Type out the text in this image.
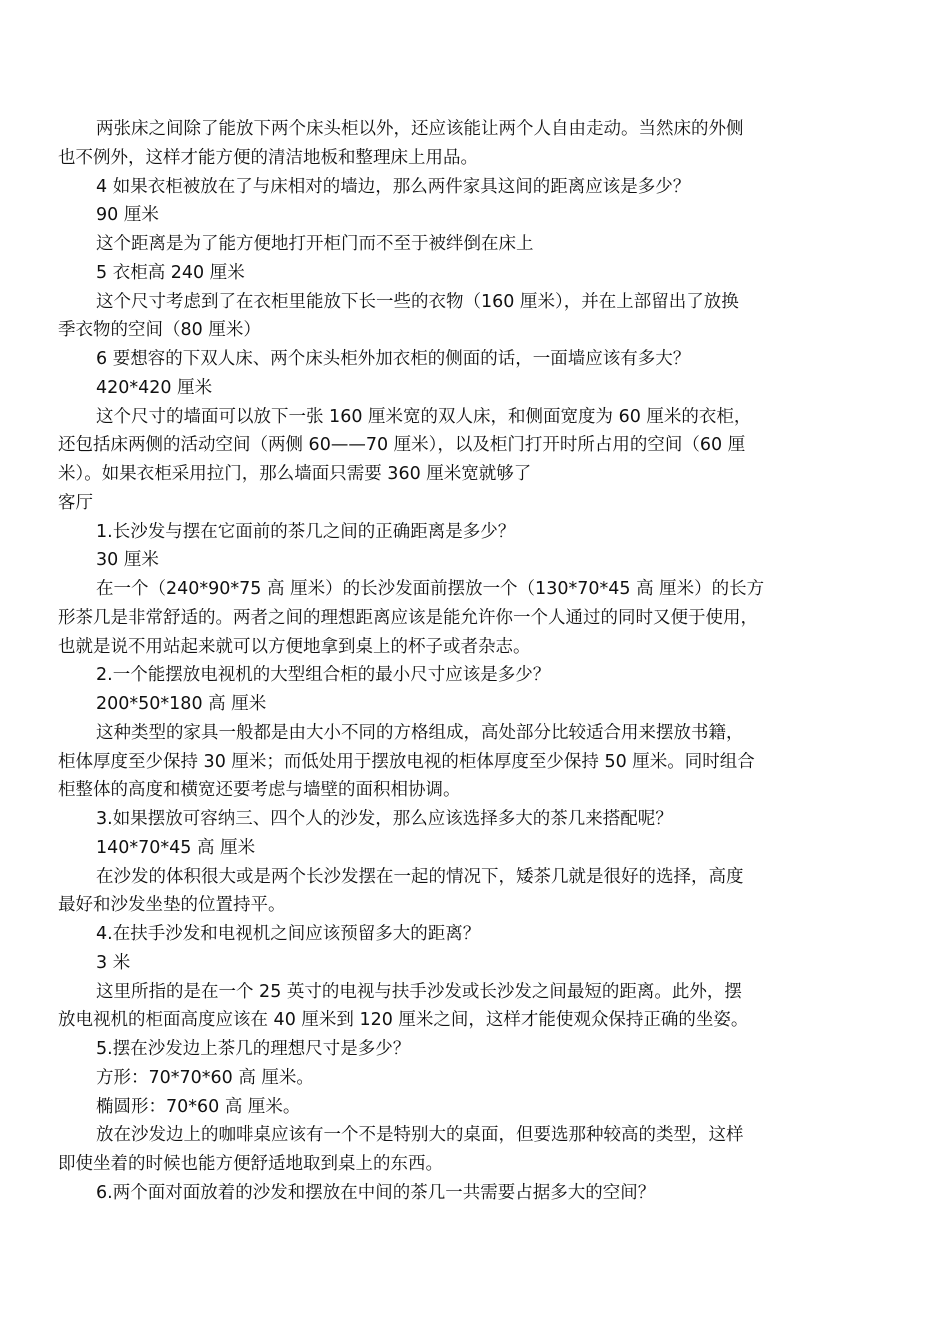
两张床之间除了能放下两个床头柜以外，还应该能让两个人自由走动。当然床的外侧
也不例外，这样才能方便的清洁地板和整理床上用品。
4 如果衣柜被放在了与床相对的墙边，那么两件家具这间的距离应该是多少？
90 厘米
这个距离是为了能方便地打开柜门而不至于被绊倒在床上
5 衣柜高 240 厘米
这个尺寸考虑到了在衣柜里能放下长一些的衣物（160 厘米），并在上部留出了放换
季衣物的空间（80 厘米）
6 要想容的下双人床、两个床头柜外加衣柜的侧面的话，一面墙应该有多大？
420*420 厘米
这个尺寸的墙面可以放下一张 160 厘米宽的双人床，和侧面宽度为 60 厘米的衣柜，
还包括床两侧的活动空间（两侧 60——70 厘米），以及柜门打开时所占用的空间（60 厘
米）。如果衣柜采用拉门，那么墙面只需要 360 厘米宽就够了
客厅
1.长沙发与摆在它面前的茶几之间的正确距离是多少？
30 厘米
在一个（240*90*75 高 厘米）的长沙发面前摆放一个（130*70*45 高 厘米）的长方
形茶几是非常舒适的。两者之间的理想距离应该是能允许你一个人通过的同时又便于使用，
也就是说不用站起来就可以方便地拿到桌上的杯子或者杂志。
2.一个能摆放电视机的大型组合柜的最小尺寸应该是多少？
200*50*180 高 厘米
这种类型的家具一般都是由大小不同的方格组成，高处部分比较适合用来摆放书籍，
柜体厚度至少保持 30 厘米；而低处用于摆放电视的柜体厚度至少保持 50 厘米。同时组合
柜整体的高度和横宽还要考虑与墙壁的面积相协调。
3.如果摆放可容纳三、四个人的沙发，那么应该选择多大的茶几来搭配呢？
140*70*45 高 厘米
在沙发的体积很大或是两个长沙发摆在一起的情况下，矮茶几就是很好的选择，高度
最好和沙发坐垫的位置持平。
4.在扶手沙发和电视机之间应该预留多大的距离？
3 米
这里所指的是在一个 25 英寸的电视与扶手沙发或长沙发之间最短的距离。此外，摆
放电视机的柜面高度应该在 40 厘米到 120 厘米之间，这样才能使观众保持正确的坐姿。
5.摆在沙发边上茶几的理想尺寸是多少？
方形：70*70*60 高 厘米。
椭圆形：70*60 高 厘米。
放在沙发边上的咖啡桌应该有一个不是特别大的桌面，但要选那种较高的类型，这样
即使坐着的时候也能方便舒适地取到桌上的东西。
6.两个面对面放着的沙发和摆放在中间的茶几一共需要占据多大的空间？
